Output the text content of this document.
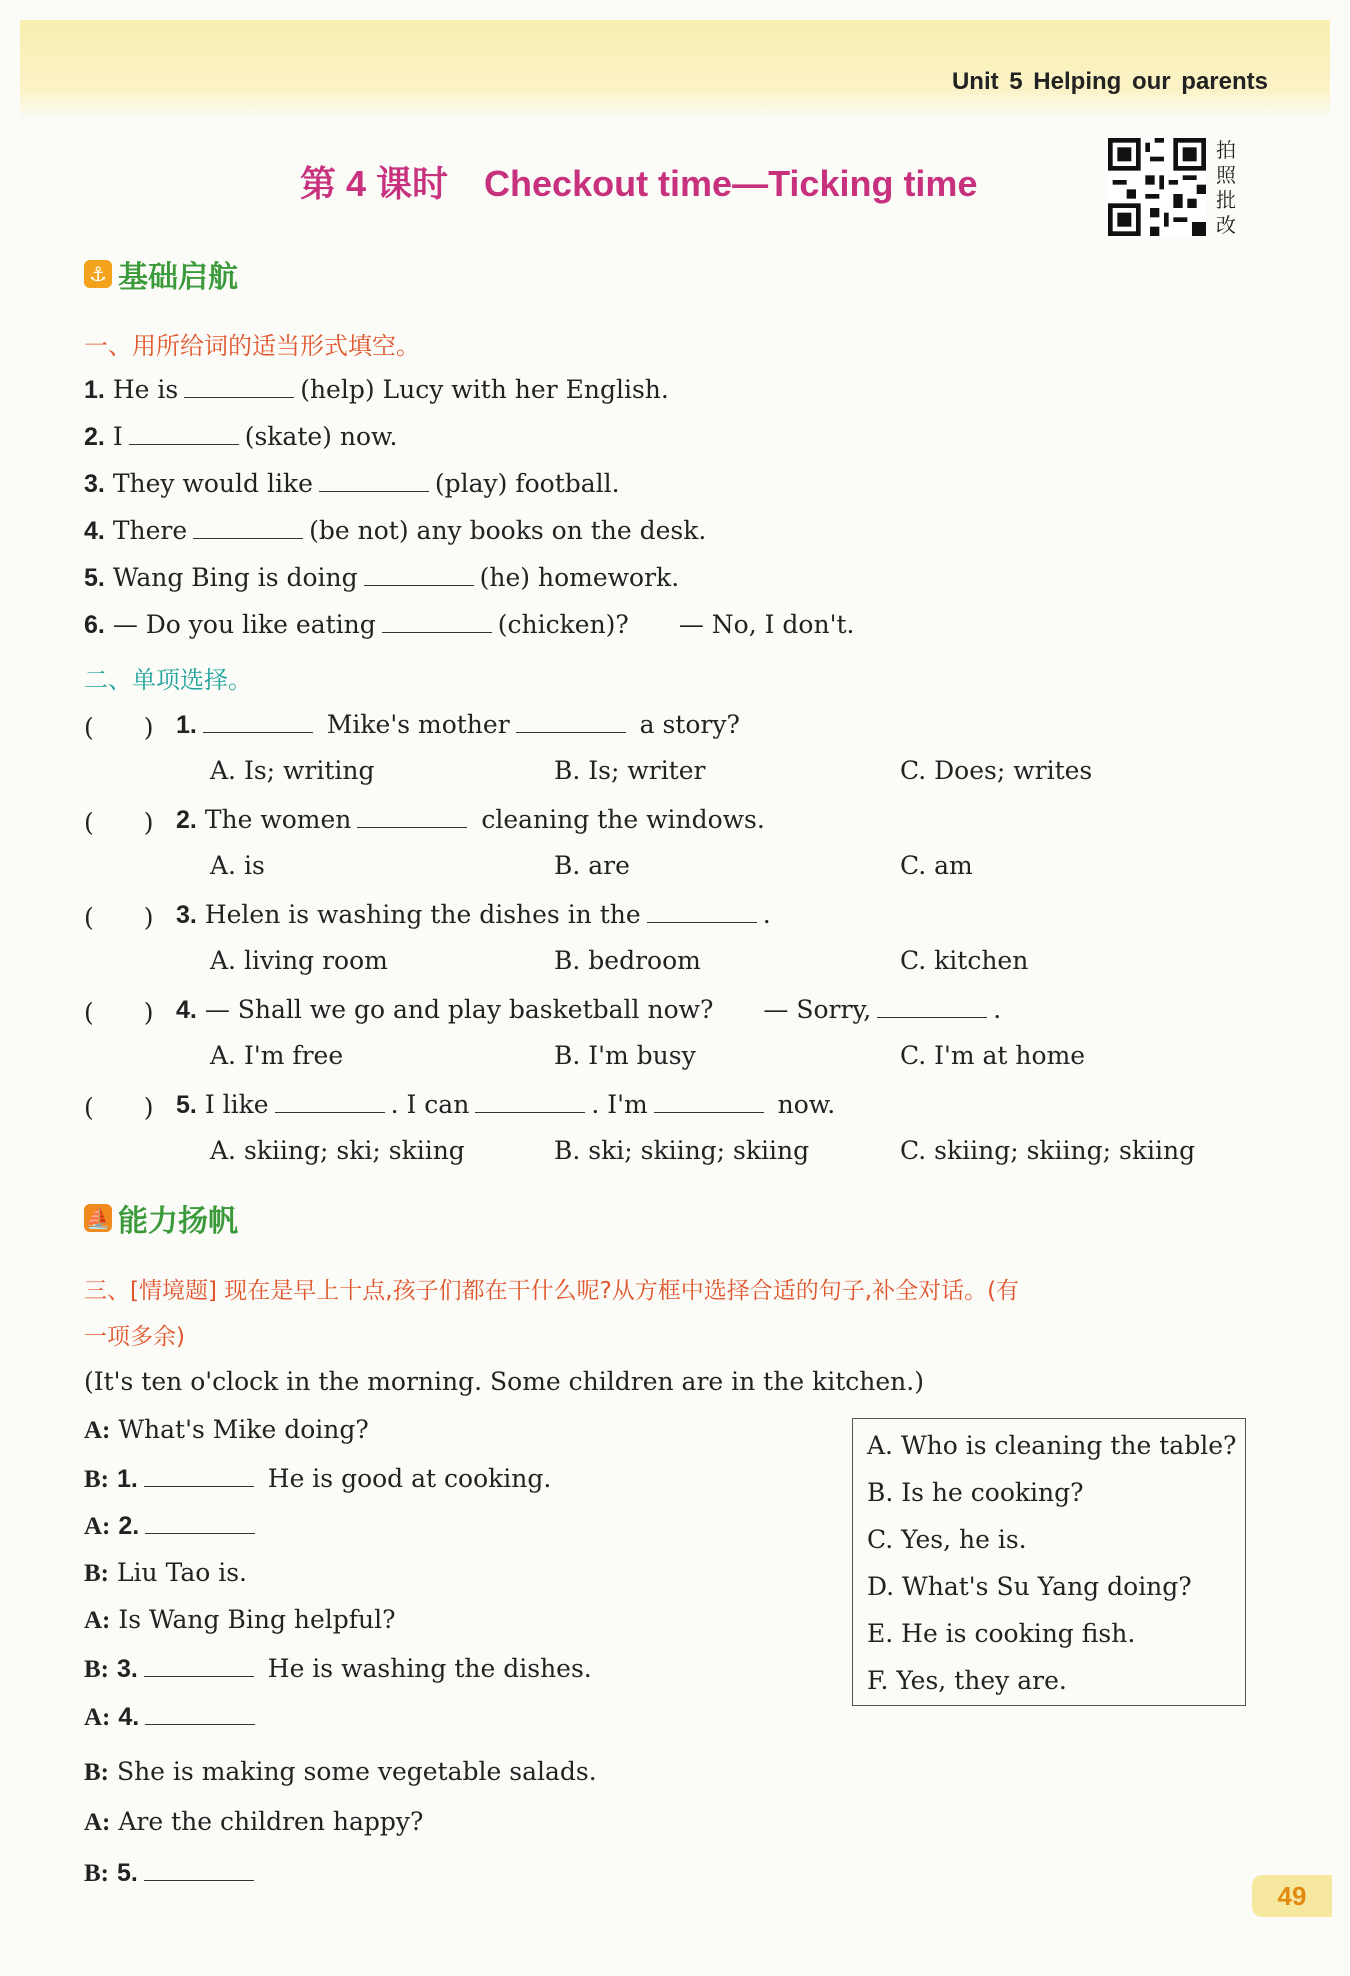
Unit 5 Helping our parents
第 4 课时 Checkout time—Ticking time
拍照批改
⚓ 基础启航
一、用所给词的适当形式填空。
1. He is	(help) Lucy with her English.
2. I	(skate) now.
3. They would like	(play) football.
4. There	(be not) any books on the desk.
5. Wang Bing is doing	(he) homework.
6. — Do you like eating	(chicken)?　　— No, I don't.
二、单项选择。
(　　) 1.	Mike's mother	a story?
A. Is; writing	B. Is; writer	C. Does; writes
(　　) 2. The women	cleaning the windows.
A. is	B. are	C. am
(　　) 3. Helen is washing the dishes in the	.
A. living room	B. bedroom	C. kitchen
(　　) 4. — Shall we go and play basketball now?　　— Sorry,	.
A. I'm free	B. I'm busy	C. I'm at home
(　　) 5. I like	. I can	. I'm	now.
A. skiing; ski; skiing	B. ski; skiing; skiing	C. skiing; skiing; skiing
⛵ 能力扬帆
三、[情境题] 现在是早上十点,孩子们都在干什么呢?从方框中选择合适的句子,补全对话。(有
一项多余)
(It's ten o'clock in the morning. Some children are in the kitchen.)
A: What's Mike doing?
B: 1.	He is good at cooking.
A: 2.
B: Liu Tao is.
A: Is Wang Bing helpful?
B: 3.	He is washing the dishes.
A: 4.
B: She is making some vegetable salads.
A: Are the children happy?
B: 5.
A. Who is cleaning the table?
B. Is he cooking?
C. Yes, he is.
D. What's Su Yang doing?
E. He is cooking fish.
F. Yes, they are.
49
